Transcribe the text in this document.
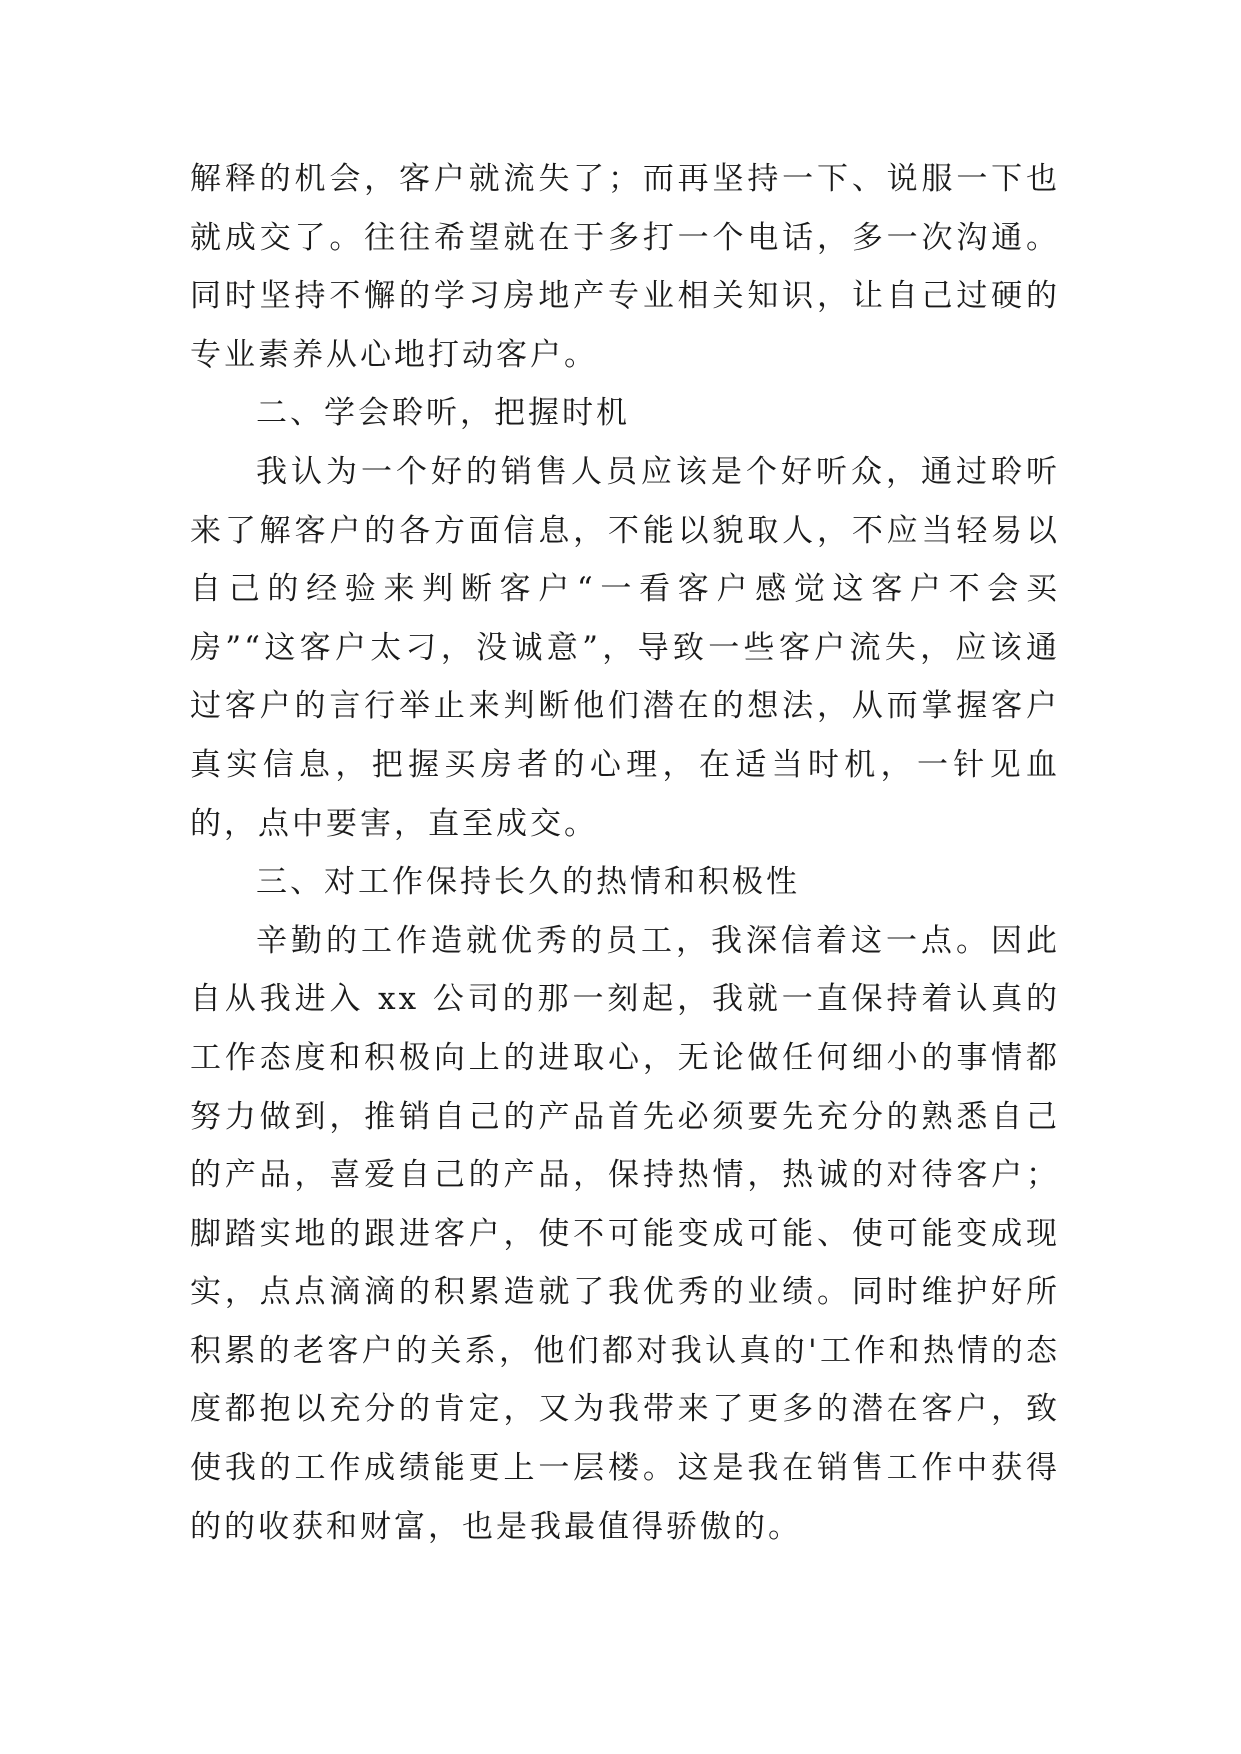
解释的机会，客户就流失了；而再坚持一下、说服一下也就成交了。往往希望就在于多打一个电话，多一次沟通。同时坚持不懈的学习房地产专业相关知识，让自己过硬的专业素养从心地打动客户。

二、学会聆听，把握时机

我认为一个好的销售人员应该是个好听众，通过聆听来了解客户的各方面信息，不能以貌取人，不应当轻易以自己的经验来判断客户“一看客户感觉这客户不会买房”“这客户太刁，没诚意”，导致一些客户流失，应该通过客户的言行举止来判断他们潜在的想法，从而掌握客户真实信息，把握买房者的心理，在适当时机，一针见血的，点中要害，直至成交。

三、对工作保持长久的热情和积极性

辛勤的工作造就优秀的员工，我深信着这一点。因此自从我进入 xx 公司的那一刻起，我就一直保持着认真的工作态度和积极向上的进取心，无论做任何细小的事情都努力做到，推销自己的产品首先必须要先充分的熟悉自己的产品，喜爱自己的产品，保持热情，热诚的对待客户；脚踏实地的跟进客户，使不可能变成可能、使可能变成现实，点点滴滴的积累造就了我优秀的业绩。同时维护好所积累的老客户的关系，他们都对我认真的'工作和热情的态度都抱以充分的肯定，又为我带来了更多的潜在客户，致使我的工作成绩能更上一层楼。这是我在销售工作中获得的的收获和财富，也是我最值得骄傲的。
